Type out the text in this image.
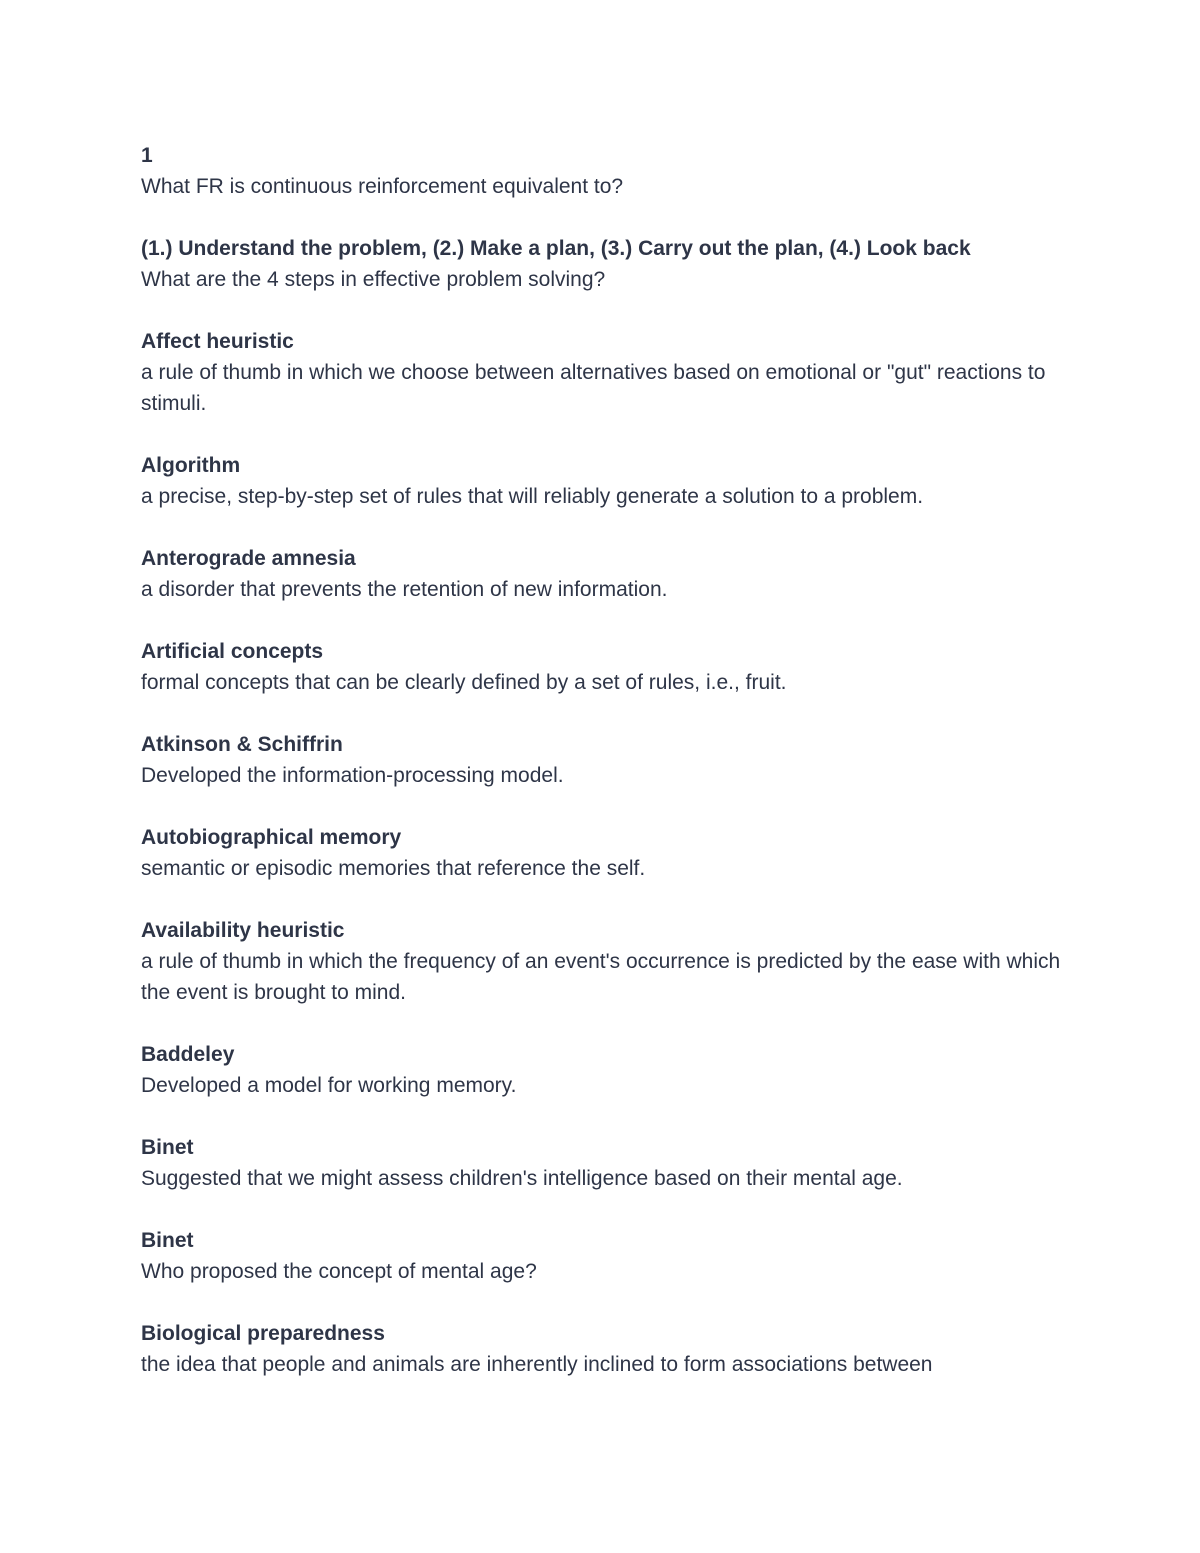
1
What FR is continuous reinforcement equivalent to?
(1.) Understand the problem, (2.) Make a plan, (3.) Carry out the plan, (4.) Look back
What are the 4 steps in effective problem solving?
Affect heuristic
a rule of thumb in which we choose between alternatives based on emotional or "gut" reactions to stimuli.
Algorithm
a precise, step-by-step set of rules that will reliably generate a solution to a problem.
Anterograde amnesia
a disorder that prevents the retention of new information.
Artificial concepts
formal concepts that can be clearly defined by a set of rules, i.e., fruit.
Atkinson & Schiffrin
Developed the information-processing model.
Autobiographical memory
semantic or episodic memories that reference the self.
Availability heuristic
a rule of thumb in which the frequency of an event's occurrence is predicted by the ease with which the event is brought to mind.
Baddeley
Developed a model for working memory.
Binet
Suggested that we might assess children's intelligence based on their mental age.
Binet
Who proposed the concept of mental age?
Biological preparedness
the idea that people and animals are inherently inclined to form associations between
